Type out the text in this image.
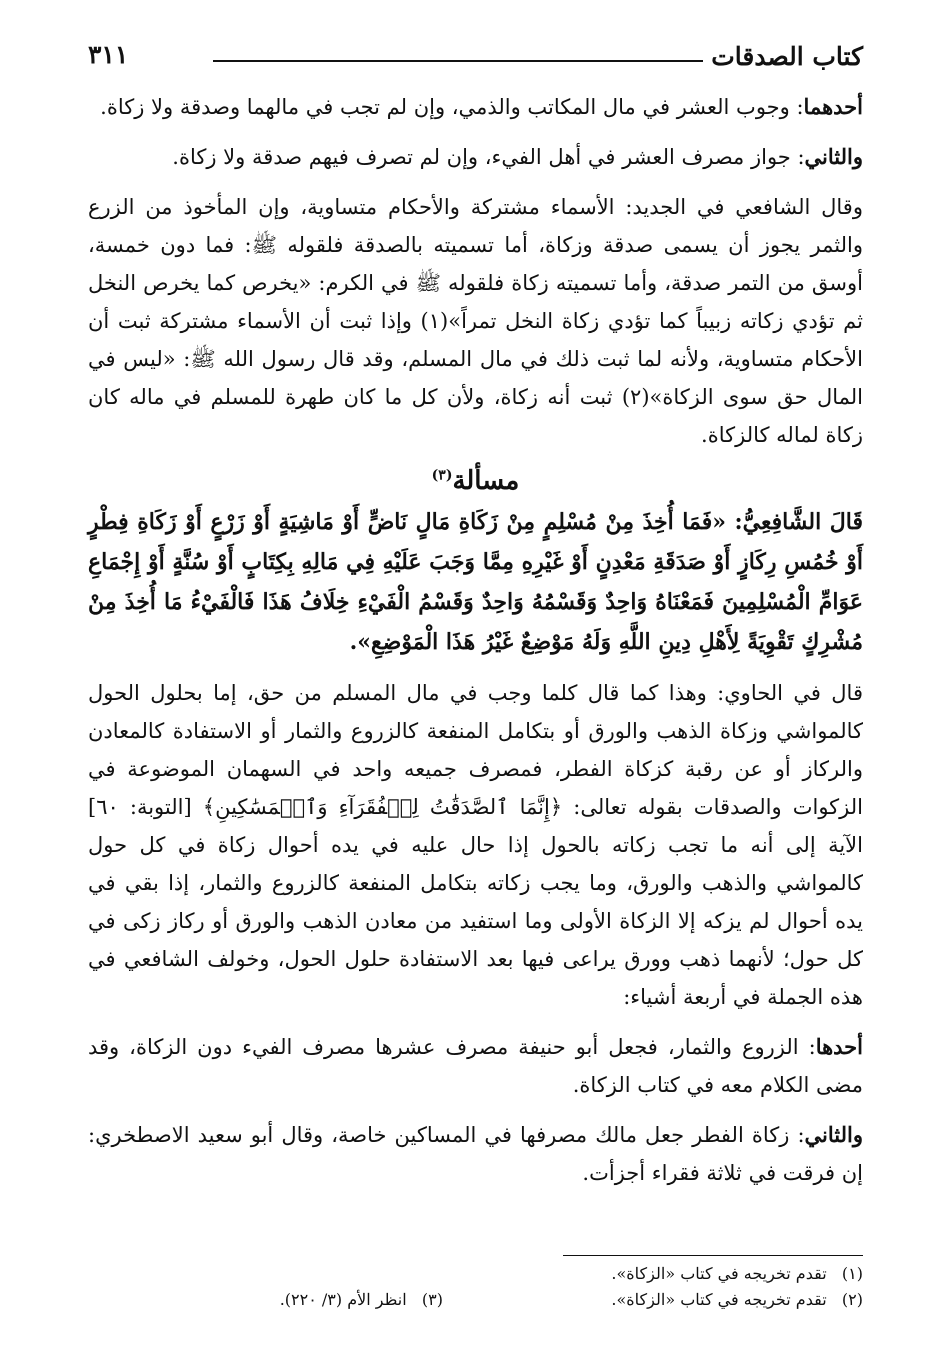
كتاب الصدقات
٣١١

أحدهما: وجوب العشر في مال المكاتب والذمي، وإن لم تجب في مالهما وصدقة ولا زكاة.

والثاني: جواز مصرف العشر في أهل الفيء، وإن لم تصرف فيهم صدقة ولا زكاة.

وقال الشافعي في الجديد: الأسماء مشتركة والأحكام متساوية، وإن المأخوذ من الزرع والثمر يجوز أن يسمى صدقة وزكاة، أما تسميته بالصدقة فلقوله ﷺ: فما دون خمسة، أوسق من التمر صدقة، وأما تسميته زكاة فلقوله ﷺ في الكرم: «يخرص كما يخرص النخل ثم تؤدي زكاته زبيباً كما تؤدي زكاة النخل تمراً»(١) وإذا ثبت أن الأسماء مشتركة ثبت أن الأحكام متساوية، ولأنه لما ثبت ذلك في مال المسلم، وقد قال رسول الله ﷺ: «ليس في المال حق سوى الزكاة»(٢) ثبت أنه زكاة، ولأن كل ما كان طهرة للمسلم في ماله كان زكاة لماله كالزكاة.

مسألة$^{(٣)}$

قَالَ الشَّافِعِيُّ: «فَمَا أُخِذَ مِنْ مُسْلِمٍ مِنْ زَكَاةِ مَالٍ نَاضٍّ أَوْ مَاشِيَةٍ أَوْ زَرْعٍ أَوْ زَكَاةِ فِطْرٍ أَوْ خُمُسِ رِكَازٍ أَوْ صَدَقَةِ مَعْدِنٍ أَوْ غَيْرِهِ مِمَّا وَجَبَ عَلَيْهِ فِي مَالِهِ بِكِتَابٍ أَوْ سُنَّةٍ أَوْ إِجْمَاعِ عَوَامِّ الْمُسْلِمِينَ فَمَعْنَاهُ وَاحِدٌ وَقَسْمُهُ وَاحِدٌ وَقَسْمُ الْفَيْءِ خِلَافُ هَذَا فَالْفَيْءُ مَا أُخِذَ مِنْ مُشْرِكٍ تَقْوِيَةً لِأَهْلِ دِينِ اللَّهِ وَلَهُ مَوْضِعٌ غَيْرُ هَذَا الْمَوْضِعِ».

قال في الحاوي: وهذا كما قال كلما وجب في مال المسلم من حق، إما بحلول الحول كالمواشي وزكاة الذهب والورق أو بتكامل المنفعة كالزروع والثمار أو الاستفادة كالمعادن والركاز أو عن رقبة كزكاة الفطر، فمصرف جميعه واحد في السهمان الموضوعة في الزكوات والصدقات بقوله تعالى: ﴿إِنَّمَا ٱلصَّدَقَٰتُ لِلۡفُقَرَآءِ وَٱلۡمَسَٰكِينِ﴾ [التوبة: ٦٠] الآية إلى أنه ما تجب زكاته بالحول إذا حال عليه في يده أحوال زكاة في كل حول كالمواشي والذهب والورق، وما يجب زكاته بتكامل المنفعة كالزروع والثمار، إذا بقي في يده أحوال لم يزكه إلا الزكاة الأولى وما استفيد من معادن الذهب والورق أو ركاز زكى في كل حول؛ لأنهما ذهب وورق يراعى فيها بعد الاستفادة حلول الحول، وخولف الشافعي في هذه الجملة في أربعة أشياء:

أحدها: الزروع والثمار، فجعل أبو حنيفة مصرف عشرها مصرف الفيء دون الزكاة، وقد مضى الكلام معه في كتاب الزكاة.

والثاني: زكاة الفطر جعل مالك مصرفها في المساكين خاصة، وقال أبو سعيد الاصطخري: إن فرقت في ثلاثة فقراء أجزأت.

(١)   تقدم تخريجه في كتاب «الزكاة».
(٢)   تقدم تخريجه في كتاب «الزكاة».
(٣)   انظر الأم (٣/ ٢٢٠).
